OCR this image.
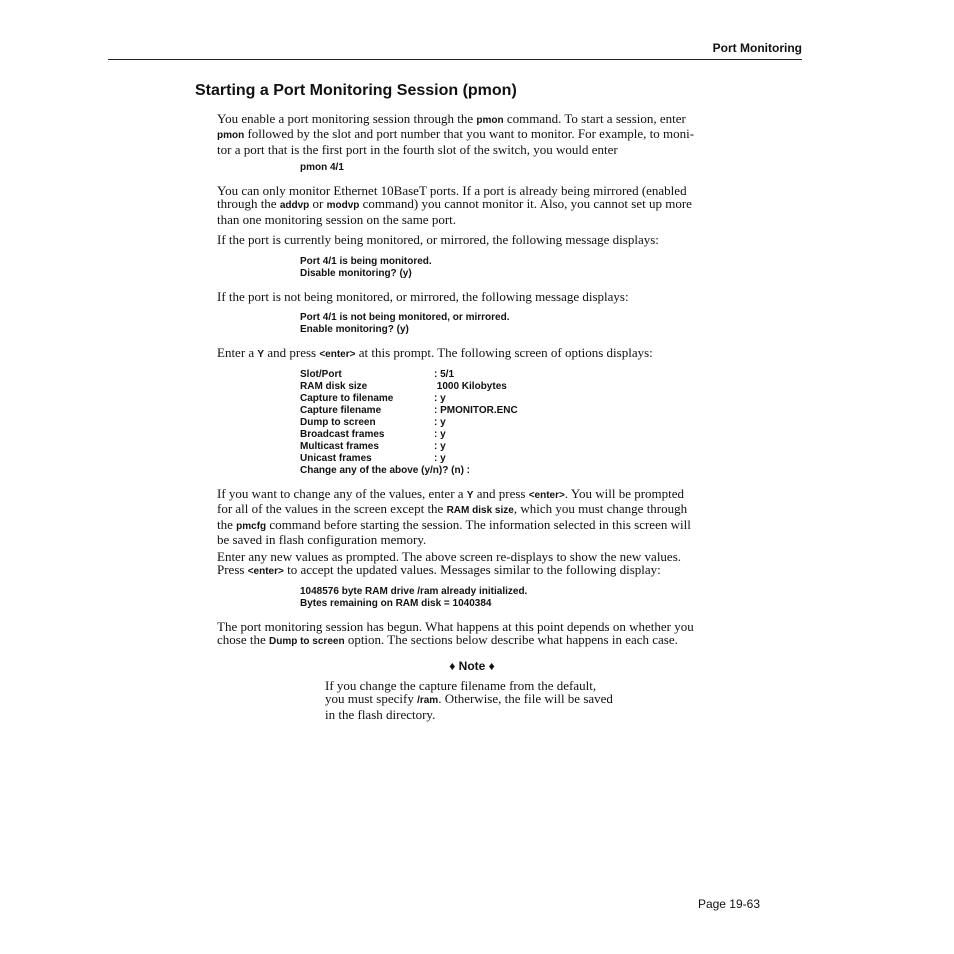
Port Monitoring
Starting a Port Monitoring Session (pmon)

You enable a port monitoring session through the pmon command. To start a session, enter
pmon followed by the slot and port number that you want to monitor. For example, to moni-
tor a port that is the first port in the fourth slot of the switch, you would enter

pmon 4/1

You can only monitor Ethernet 10BaseT ports. If a port is already being mirrored (enabled
through the addvp or modvp command) you cannot monitor it. Also, you cannot set up more
than one monitoring session on the same port.

If the port is currently being monitored, or mirrored, the following message displays:

Port 4/1 is being monitored.
Disable monitoring? (y)

If the port is not being monitored, or mirrored, the following message displays:

Port 4/1 is not being monitored, or mirrored.
Enable monitoring? (y)

Enter a Y and press <enter> at this prompt. The following screen of options displays:

Slot/Port	: 5/1
RAM disk size	1000 Kilobytes
Capture to filename	: y
Capture filename	: PMONITOR.ENC
Dump to screen	: y
Broadcast frames	: y
Multicast frames	: y
Unicast frames	: y
Change any of the above (y/n)? (n) :

If you want to change any of the values, enter a Y and press <enter>. You will be prompted
for all of the values in the screen except the RAM disk size, which you must change through
the pmcfg command before starting the session. The information selected in this screen will
be saved in flash configuration memory.

Enter any new values as prompted. The above screen re-displays to show the new values.
Press <enter> to accept the updated values. Messages similar to the following display:

1048576 byte RAM drive /ram already initialized.
Bytes remaining on RAM disk = 1040384

The port monitoring session has begun. What happens at this point depends on whether you
chose the Dump to screen option. The sections below describe what happens in each case.

♦ Note ♦

If you change the capture filename from the default,
you must specify /ram. Otherwise, the file will be saved
in the flash directory.

Page 19-63
